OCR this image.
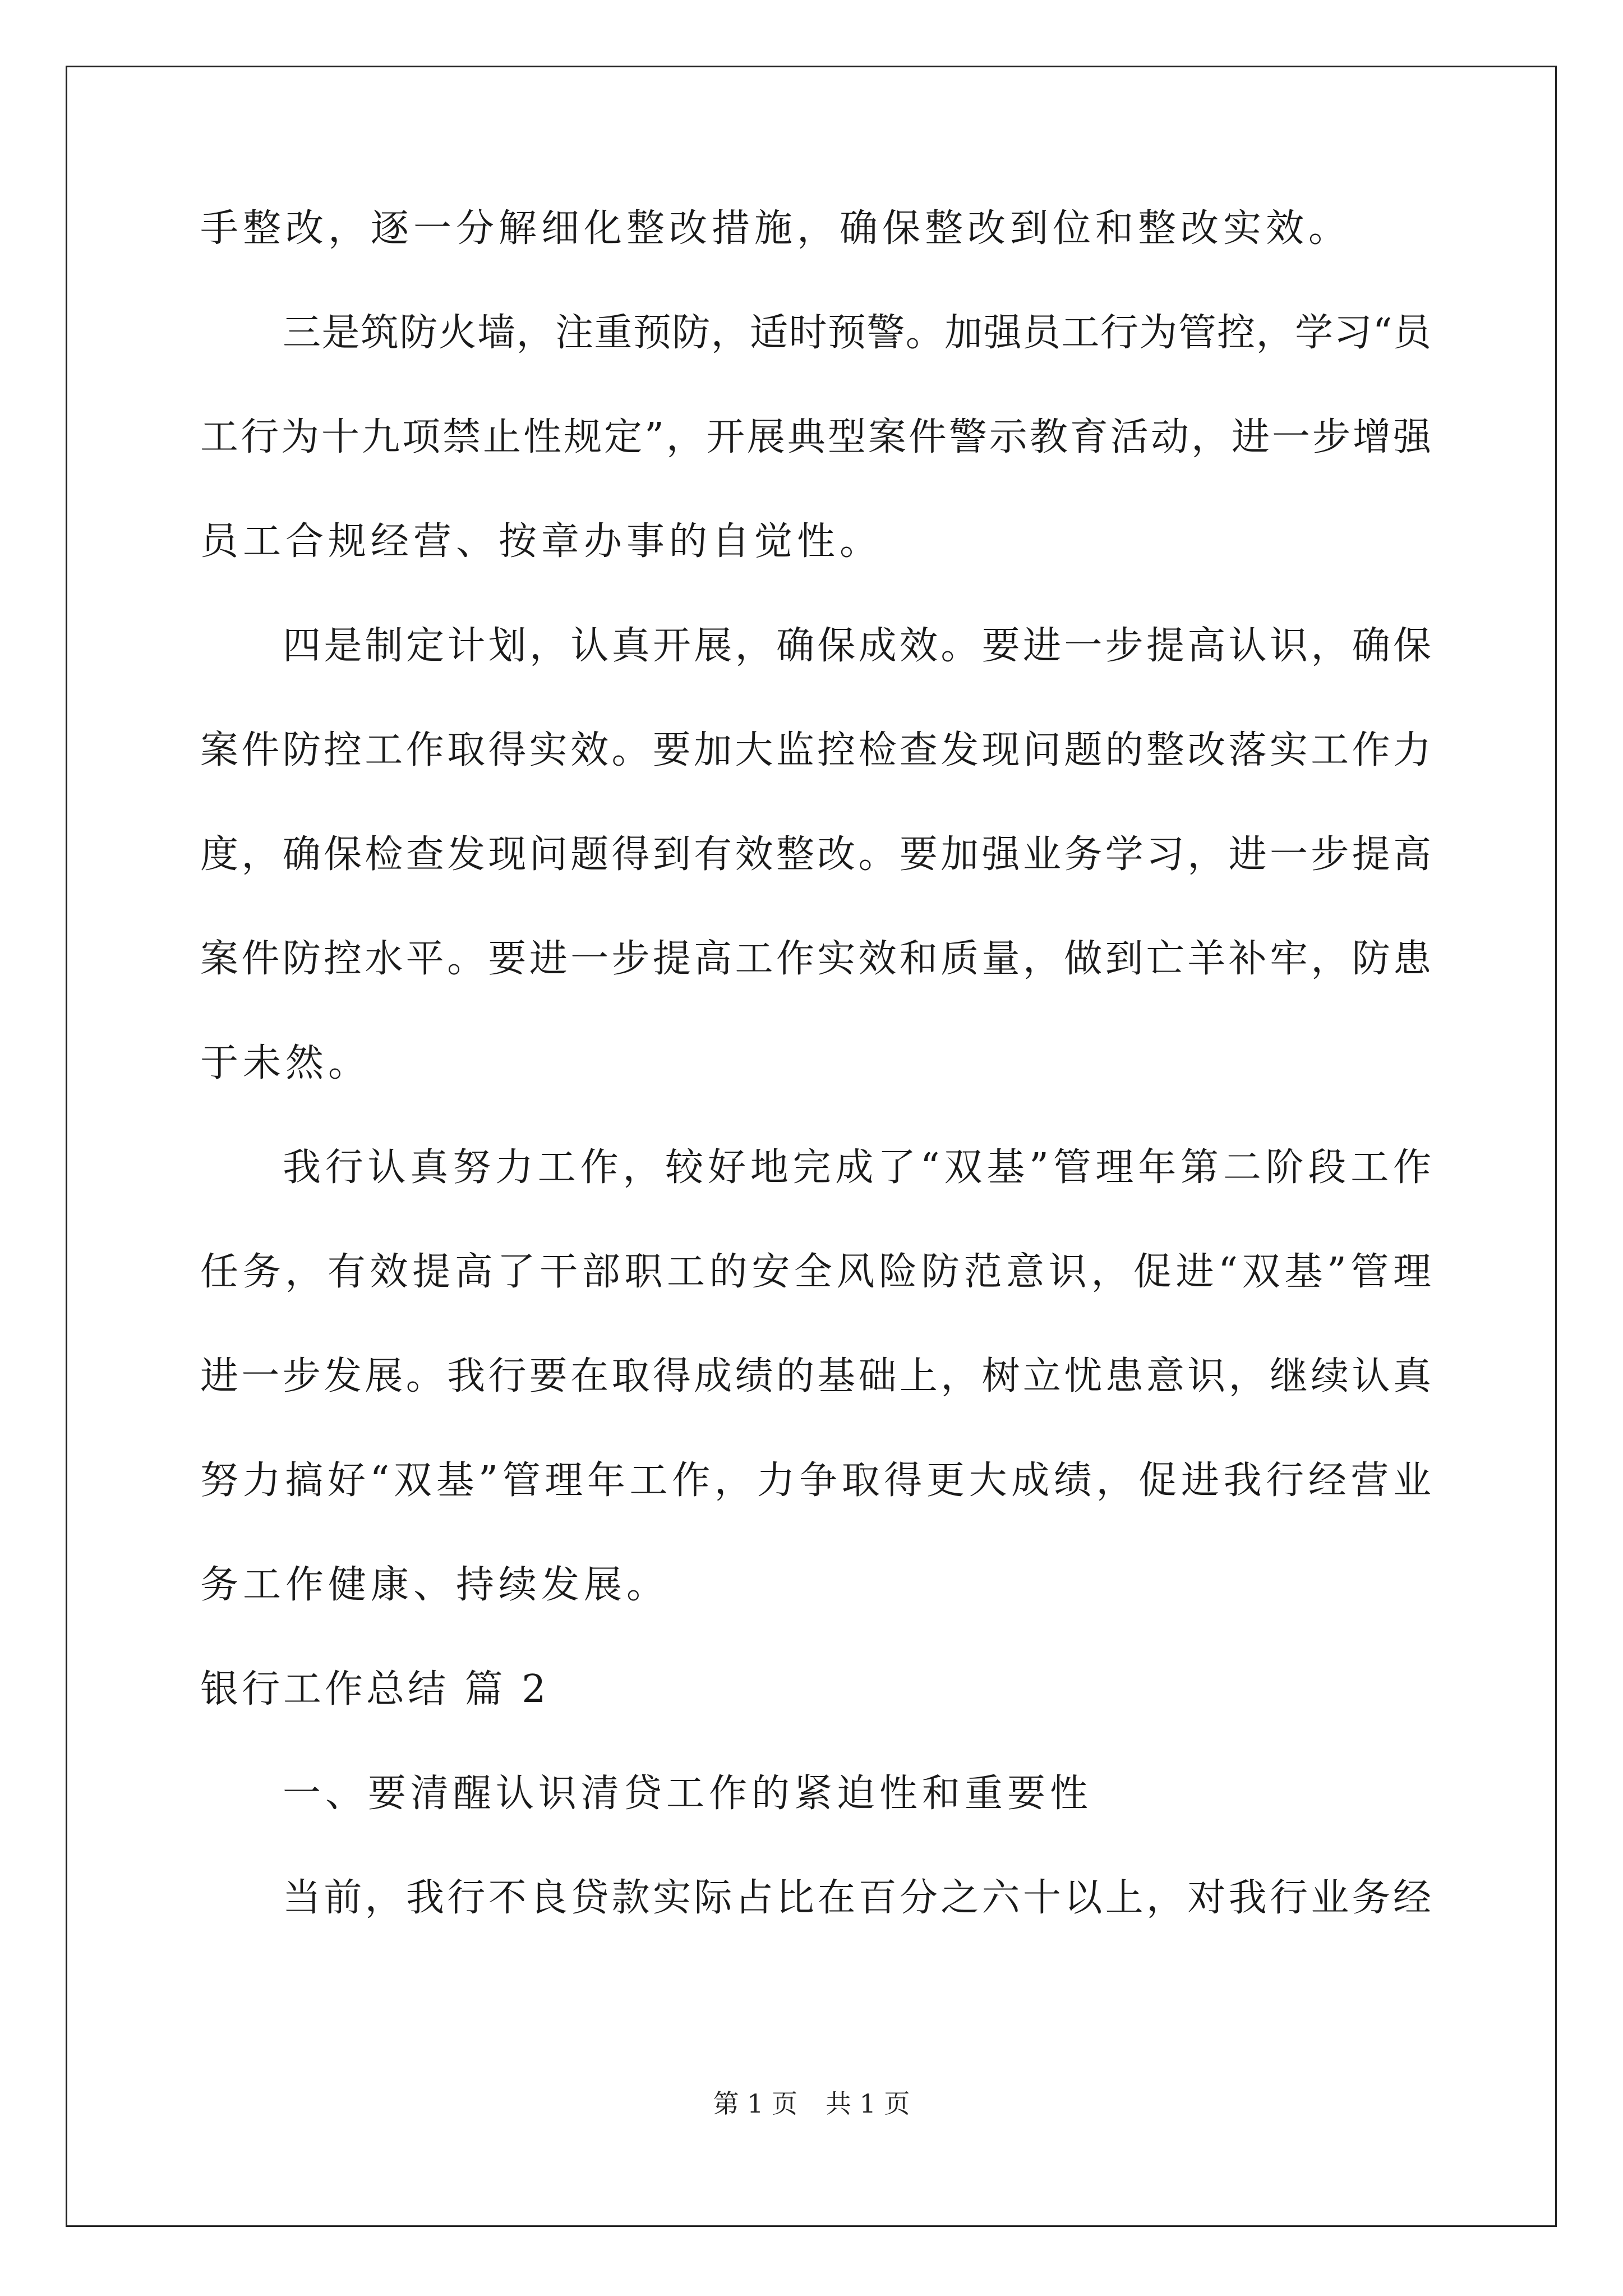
手整改，逐一分解细化整改措施，确保整改到位和整改实效。
三是筑防火墙，注重预防，适时预警。加强员工行为管控，学习“员
工行为十九项禁止性规定”，开展典型案件警示教育活动，进一步增强
员工合规经营、按章办事的自觉性。
四是制定计划，认真开展，确保成效。要进一步提高认识，确保
案件防控工作取得实效。要加大监控检查发现问题的整改落实工作力
度，确保检查发现问题得到有效整改。要加强业务学习，进一步提高
案件防控水平。要进一步提高工作实效和质量，做到亡羊补牢，防患
于未然。
我行认真努力工作，较好地完成了“双基”管理年第二阶段工作
任务，有效提高了干部职工的安全风险防范意识，促进“双基”管理
进一步发展。我行要在取得成绩的基础上，树立忧患意识，继续认真
努力搞好“双基”管理年工作，力争取得更大成绩，促进我行经营业
务工作健康、持续发展。
银行工作总结 篇 2
一、要清醒认识清贷工作的紧迫性和重要性
当前，我行不良贷款实际占比在百分之六十以上，对我行业务经
第 1 页 共 1 页
